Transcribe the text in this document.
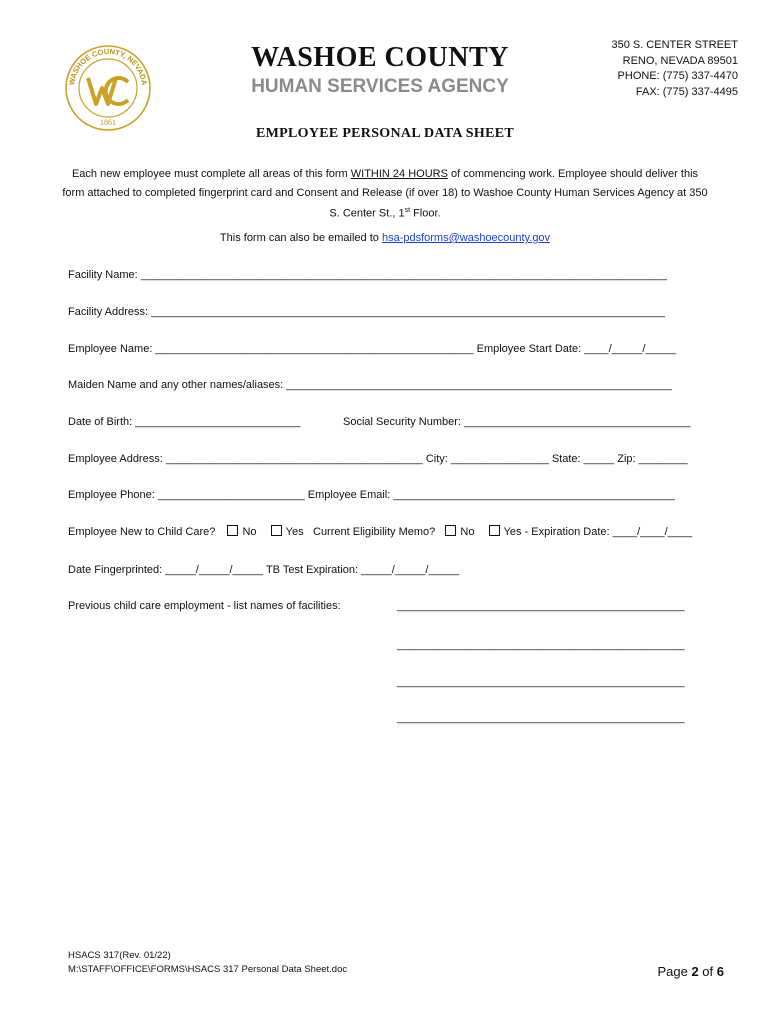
WASHOE COUNTY, NEVADA
1861
WASHOE COUNTY
HUMAN SERVICES AGENCY
350 S. CENTER STREET
RENO, NEVADA 89501
PHONE: (775) 337-4470
FAX: (775) 337-4495
EMPLOYEE PERSONAL DATA SHEET
Each new employee must complete all areas of this form WITHIN 24 HOURS of commencing work. Employee should deliver this form attached to completed fingerprint card and Consent and Release (if over 18) to Washoe County Human Services Agency at 350 S. Center St., 1st Floor.
This form can also be emailed to hsa-pdsforms@washoecounty.gov
Facility Name: ______________________________________________________________________________________
Facility Address: ____________________________________________________________________________________
Employee Name: ____________________________________________________ Employee Start Date: ____/_____/_____
Maiden Name and any other names/aliases: _______________________________________________________________
Date of Birth: ___________________________	Social Security Number: _____________________________________
Employee Address: __________________________________________ City: ________________ State: _____ Zip: ________
Employee Phone: ________________________ Employee Email: ______________________________________________
Employee New to Child Care? No	Yes Current Eligibility Memo? No	Yes - Expiration Date: ____/____/____
Date Fingerprinted: _____/_____/_____ TB Test Expiration: _____/_____/_____
Previous child care employment - list names of facilities:	_______________________________________________
_______________________________________________
_______________________________________________
_______________________________________________
HSACS 317(Rev. 01/22)
M:\STAFF\OFFICE\FORMS\HSACS 317 Personal Data Sheet.doc	Page 2 of 6
